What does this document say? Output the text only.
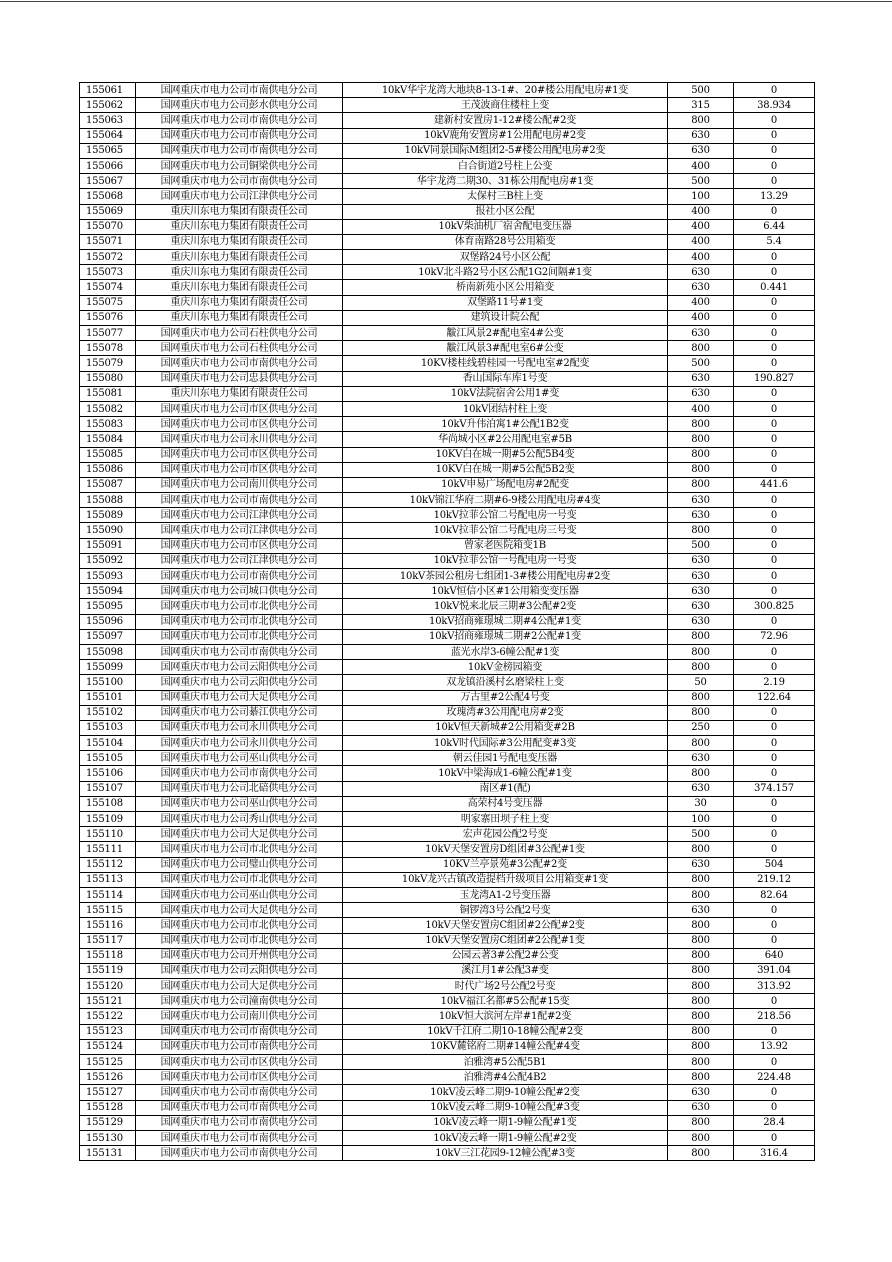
155061	国网重庆市电力公司市南供电分公司	10kV华宇龙湾大地块8-13-1#、20#楼公用配电房#1变	500	0
155062	国网重庆市电力公司彭水供电分公司	王茂波商住楼柱上变	315	38.934
155063	国网重庆市电力公司市南供电分公司	建新村安置房1-12#楼公配#2变	800	0
155064	国网重庆市电力公司市南供电分公司	10kV鹿角安置房#1公用配电房#2变	630	0
155065	国网重庆市电力公司市南供电分公司	10kV同景国际M组团2-5#楼公用配电房#2变	630	0
155066	国网重庆市电力公司铜梁供电分公司	白合街道2号柱上公变	400	0
155067	国网重庆市电力公司市南供电分公司	华宇龙湾二期30、31栋公用配电房#1变	500	0
155068	国网重庆市电力公司江津供电分公司	太保村三B柱上变	100	13.29
155069	重庆川东电力集团有限责任公司	报社小区公配	400	0
155070	重庆川东电力集团有限责任公司	10kV柴油机厂宿舍配电变压器	400	6.44
155071	重庆川东电力集团有限责任公司	体育南路28号公用箱变	400	5.4
155072	重庆川东电力集团有限责任公司	双堡路24号小区公配	400	0
155073	重庆川东电力集团有限责任公司	10kV北斗路2号小区公配1G2间隔#1变	630	0
155074	重庆川东电力集团有限责任公司	桥南新苑小区公用箱变	630	0.441
155075	重庆川东电力集团有限责任公司	双堡路11号#1变	400	0
155076	重庆川东电力集团有限责任公司	建筑设计院公配	400	0
155077	国网重庆市电力公司石柱供电分公司	黻江风景2#配电室4#公变	630	0
155078	国网重庆市电力公司石柱供电分公司	黻江风景3#配电室6#公变	800	0
155079	国网重庆市电力公司市南供电分公司	10KV楼桂线碧桂园一号配电室#2配变	500	0
155080	国网重庆市电力公司忠县供电分公司	香山国际车库1号变	630	190.827
155081	重庆川东电力集团有限责任公司	10kV法院宿舍公用1#变	630	0
155082	国网重庆市电力公司市区供电分公司	10kV团结村柱上变	400	0
155083	国网重庆市电力公司市区供电分公司	10kV升伟泊寓1#公配1B2变	800	0
155084	国网重庆市电力公司永川供电分公司	华尚城小区#2公用配电室#5B	800	0
155085	国网重庆市电力公司市区供电分公司	10KV白在城一期#5公配5B4变	800	0
155086	国网重庆市电力公司市区供电分公司	10KV白在城一期#5公配5B2变	800	0
155087	国网重庆市电力公司南川供电分公司	10kV申易广场配电房#2配变	800	441.6
155088	国网重庆市电力公司市南供电分公司	10kV锦江华府二期#6-9楼公用配电房#4变	630	0
155089	国网重庆市电力公司江津供电分公司	10kV拉菲公馆二号配电房一号变	630	0
155090	国网重庆市电力公司江津供电分公司	10kV拉菲公馆二号配电房三号变	800	0
155091	国网重庆市电力公司市区供电分公司	曾家老医院箱变1B	500	0
155092	国网重庆市电力公司江津供电分公司	10kV拉菲公馆一号配电房一号变	630	0
155093	国网重庆市电力公司市南供电分公司	10kV茶园公租房七组团1-3#楼公用配电房#2变	630	0
155094	国网重庆市电力公司城口供电分公司	10kV恒信小区#1公用箱变变压器	630	0
155095	国网重庆市电力公司市北供电分公司	10kV悦来北辰三期#3公配#2变	630	300.825
155096	国网重庆市电力公司市北供电分公司	10kV招商雍璟城二期#4公配#1变	630	0
155097	国网重庆市电力公司市北供电分公司	10kV招商雍璟城二期#2公配#1变	800	72.96
155098	国网重庆市电力公司市南供电分公司	蓝光水岸3-6幢公配#1变	800	0
155099	国网重庆市电力公司云阳供电分公司	10kV金榜园箱变	800	0
155100	国网重庆市电力公司云阳供电分公司	双龙镇沿溪村幺磨梁柱上变	50	2.19
155101	国网重庆市电力公司大足供电分公司	万古里#2公配4号变	800	122.64
155102	国网重庆市电力公司綦江供电分公司	玫瑰湾#3公用配电房#2变	800	0
155103	国网重庆市电力公司永川供电分公司	10kV恒天新城#2公用箱变#2B	250	0
155104	国网重庆市电力公司永川供电分公司	10kV时代国际#3公用配变#3变	800	0
155105	国网重庆市电力公司巫山供电分公司	朝云佳园1号配电变压器	630	0
155106	国网重庆市电力公司市南供电分公司	10kV中梁海成1-6幢公配#1变	800	0
155107	国网重庆市电力公司北碚供电分公司	南区#1(配)	630	374.157
155108	国网重庆市电力公司巫山供电分公司	高荣村4号变压器	30	0
155109	国网重庆市电力公司秀山供电分公司	明家寨田坝子柱上变	100	0
155110	国网重庆市电力公司大足供电分公司	宏声花园公配2号变	500	0
155111	国网重庆市电力公司市北供电分公司	10kV天堡安置房D组团#3公配#1变	800	0
155112	国网重庆市电力公司璧山供电分公司	10KV兰亭景苑#3公配#2变	630	504
155113	国网重庆市电力公司市北供电分公司	10kV龙兴古镇改造提档升级项目公用箱变#1变	800	219.12
155114	国网重庆市电力公司巫山供电分公司	玉龙湾A1-2号变压器	800	82.64
155115	国网重庆市电力公司大足供电分公司	铜锣湾3号公配2号变	630	0
155116	国网重庆市电力公司市北供电分公司	10kV天堡安置房C组团#2公配#2变	800	0
155117	国网重庆市电力公司市北供电分公司	10kV天堡安置房C组团#2公配#1变	800	0
155118	国网重庆市电力公司开州供电分公司	公园云著3#公配2#公变	800	640
155119	国网重庆市电力公司云阳供电分公司	溪江月1#公配3#变	800	391.04
155120	国网重庆市电力公司大足供电分公司	时代广场2号公配2号变	800	313.92
155121	国网重庆市电力公司潼南供电分公司	10kV福江名都#5公配#15变	800	0
155122	国网重庆市电力公司南川供电分公司	10kV恒大滨河左岸#1配#2变	800	218.56
155123	国网重庆市电力公司市南供电分公司	10kV千江府二期10-18幢公配#2变	800	0
155124	国网重庆市电力公司市南供电分公司	10KV麓铭府二期#14幢公配#4变	800	13.92
155125	国网重庆市电力公司市区供电分公司	泊雅湾#5公配5B1	800	0
155126	国网重庆市电力公司市区供电分公司	泊雅湾#4公配4B2	800	224.48
155127	国网重庆市电力公司市南供电分公司	10kV凌云峰二期9-10幢公配#2变	630	0
155128	国网重庆市电力公司市南供电分公司	10kV凌云峰二期9-10幢公配#3变	630	0
155129	国网重庆市电力公司市南供电分公司	10kV凌云峰一期1-9幢公配#1变	800	28.4
155130	国网重庆市电力公司市南供电分公司	10kV凌云峰一期1-9幢公配#2变	800	0
155131	国网重庆市电力公司市南供电分公司	10kV三江花园9-12幢公配#3变	800	316.4
